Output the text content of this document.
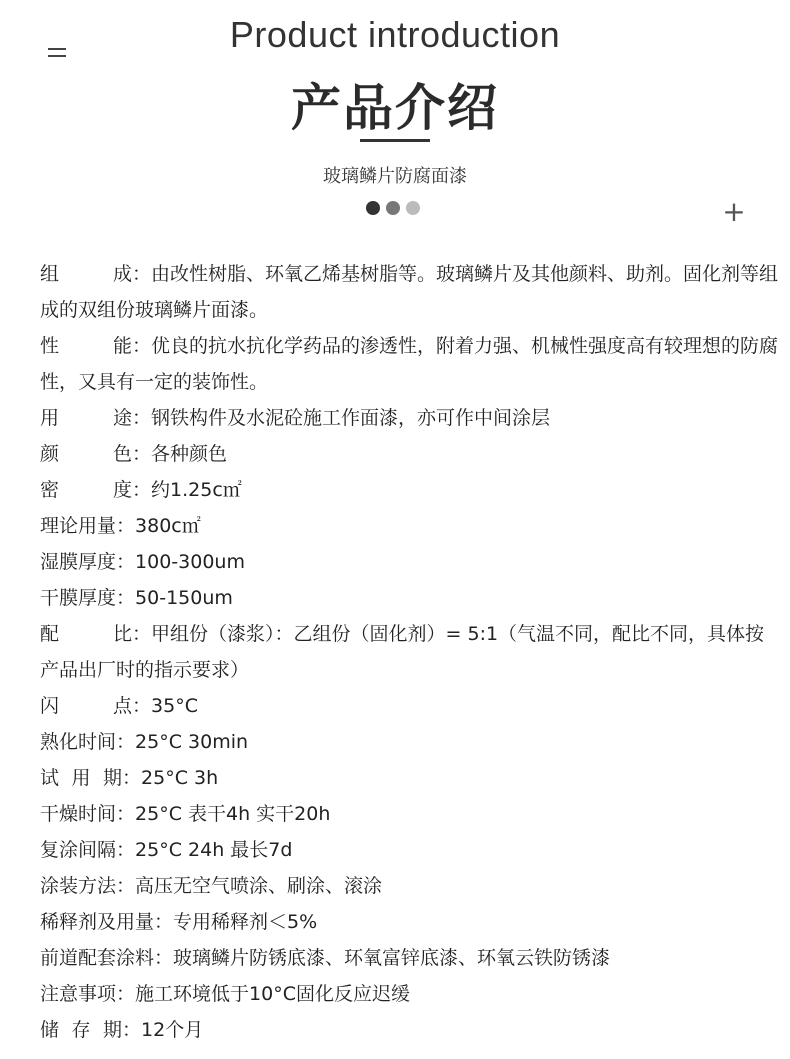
Product introduction
产品介绍
玻璃鳞片防腐面漆
+
组成：由改性树脂、环氧乙烯基树脂等。玻璃鳞片及其他颜料、助剂。固化剂等组成的双组份玻璃鳞片面漆。
性能：优良的抗水抗化学药品的渗透性，附着力强、机械性强度高有较理想的防腐性，又具有一定的装饰性。
用途：钢铁构件及水泥砼施工作面漆，亦可作中间涂层
颜色：各种颜色
密度：约1.25c㎡
理论用量：380c㎡
湿膜厚度：100-300um
干膜厚度：50-150um
配比：甲组份（漆浆）：乙组份（固化剂）= 5:1（气温不同，配比不同，具体按产品出厂时的指示要求）
闪点：35°C
熟化时间：25°C 30min
试用期：25°C 3h
干燥时间：25°C 表干4h 实干20h
复涂间隔：25°C 24h 最长7d
涂装方法：高压无空气喷涂、刷涂、滚涂
稀释剂及用量：专用稀释剂＜5%
前道配套涂料：玻璃鳞片防锈底漆、环氧富锌底漆、环氧云铁防锈漆
注意事项：施工环境低于10°C固化反应迟缓
储存期：12个月
